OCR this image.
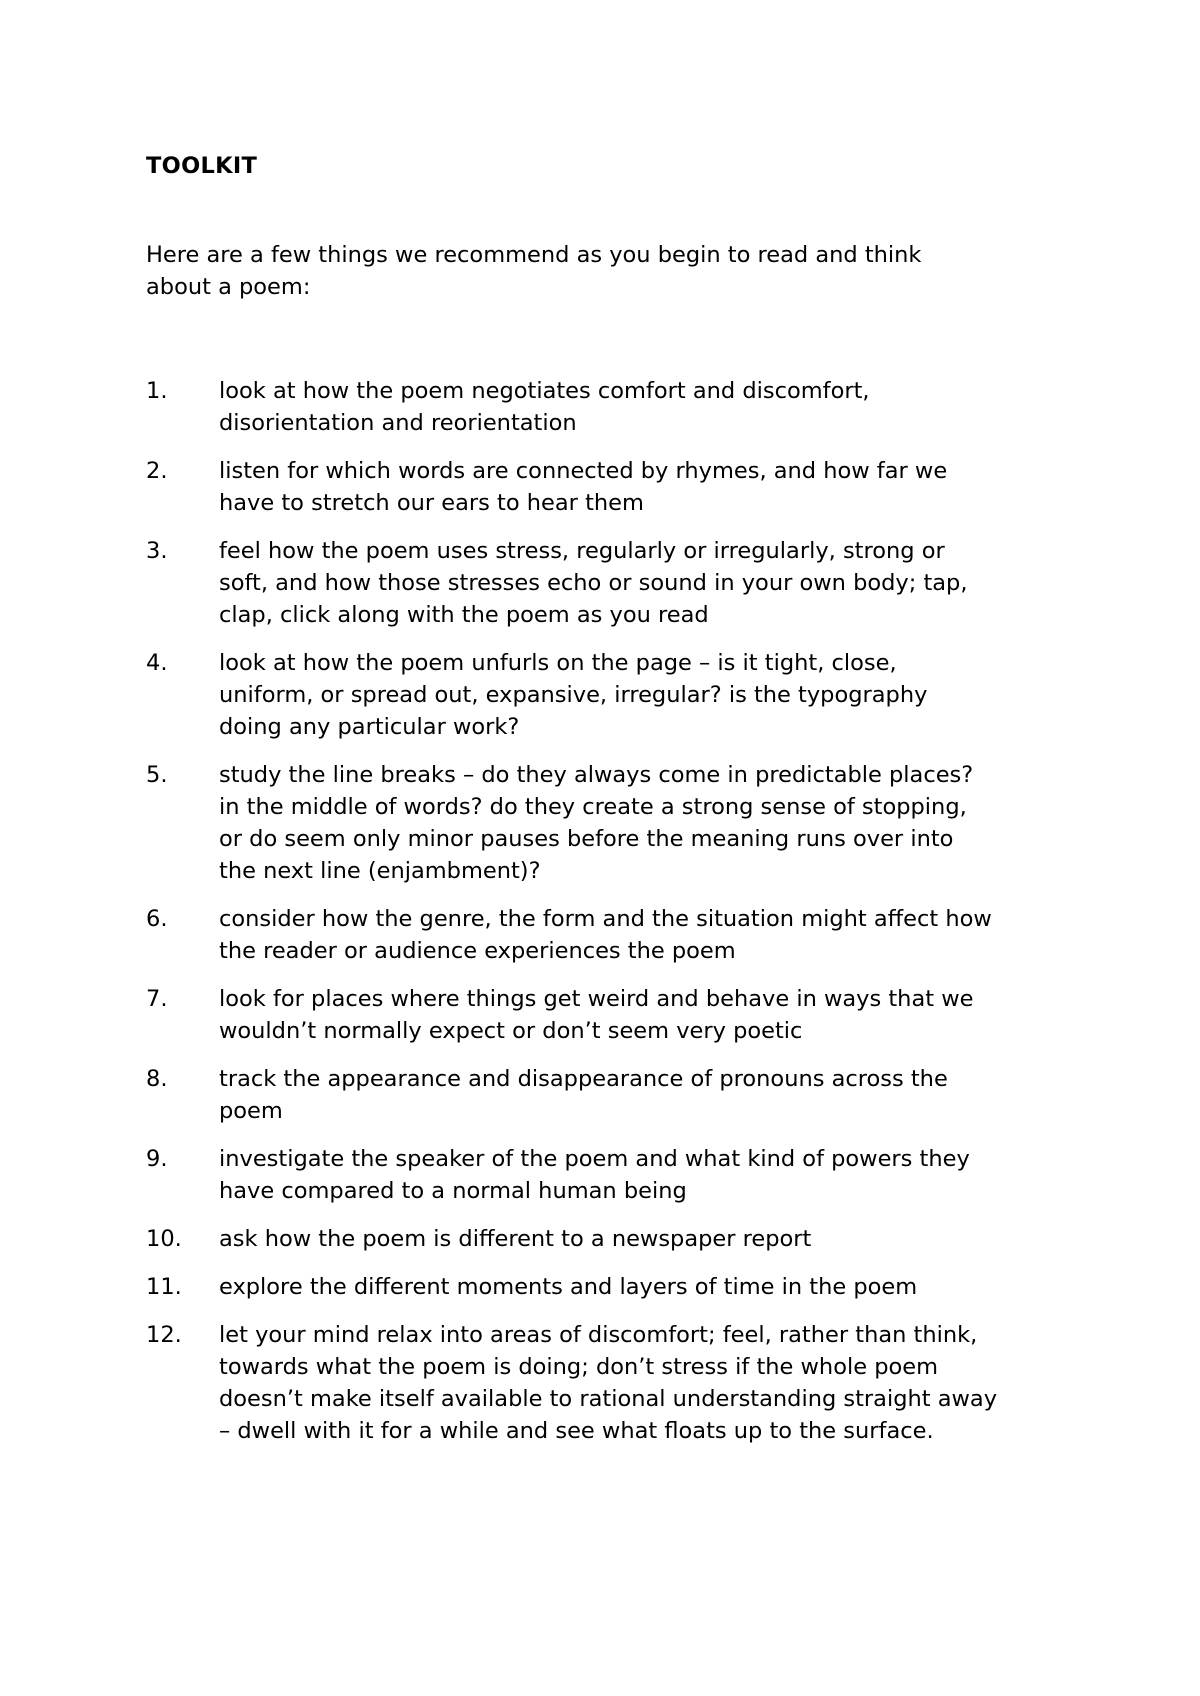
TOOLKIT

Here are a few things we recommend as you begin to read and think
about a poem:

1.	look at how the poem negotiates comfort and discomfort,
disorientation and reorientation
2.	listen for which words are connected by rhymes, and how far we
have to stretch our ears to hear them
3.	feel how the poem uses stress, regularly or irregularly, strong or
soft, and how those stresses echo or sound in your own body; tap,
clap, click along with the poem as you read
4.	look at how the poem unfurls on the page – is it tight, close,
uniform, or spread out, expansive, irregular? is the typography
doing any particular work?
5.	study the line breaks – do they always come in predictable places?
in the middle of words? do they create a strong sense of stopping,
or do seem only minor pauses before the meaning runs over into
the next line (enjambment)?
6.	consider how the genre, the form and the situation might affect how
the reader or audience experiences the poem
7.	look for places where things get weird and behave in ways that we
wouldn’t normally expect or don’t seem very poetic
8.	track the appearance and disappearance of pronouns across the
poem
9.	investigate the speaker of the poem and what kind of powers they
have compared to a normal human being
10.	ask how the poem is different to a newspaper report
11.	explore the different moments and layers of time in the poem
12.	let your mind relax into areas of discomfort; feel, rather than think,
towards what the poem is doing; don’t stress if the whole poem
doesn’t make itself available to rational understanding straight away
– dwell with it for a while and see what floats up to the surface.
